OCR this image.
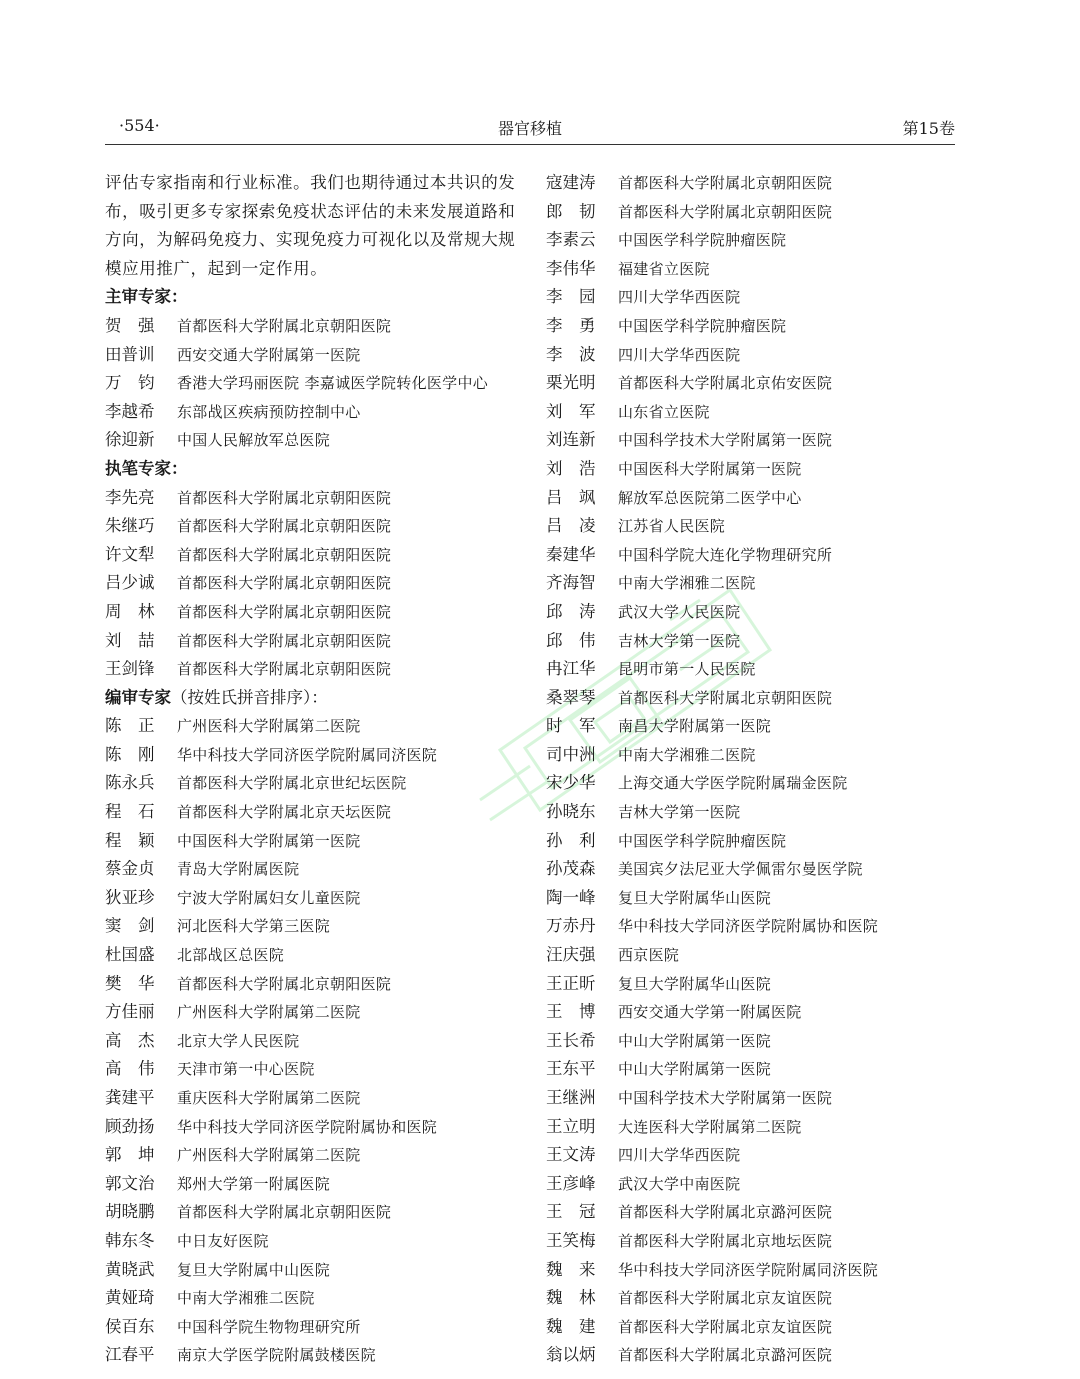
·554·	器官移植	第15卷

评估专家指南和行业标准。我们也期待通过本共识的发布，吸引更多专家探索免疫状态评估的未来发展道路和方向，为解码免疫力、实现免疫力可视化以及常规大规模应用推广，起到一定作用。

主审专家：
贺　强 首都医科大学附属北京朝阳医院
田普训 西安交通大学附属第一医院
万　钧 香港大学玛丽医院 李嘉诚医学院转化医学中心
李越希 东部战区疾病预防控制中心
徐迎新 中国人民解放军总医院
执笔专家：
李先亮 首都医科大学附属北京朝阳医院
朱继巧 首都医科大学附属北京朝阳医院
许文犁 首都医科大学附属北京朝阳医院
吕少诚 首都医科大学附属北京朝阳医院
周　林 首都医科大学附属北京朝阳医院
刘　喆 首都医科大学附属北京朝阳医院
王剑锋 首都医科大学附属北京朝阳医院
编审专家（按姓氏拼音排序）：
陈　正 广州医科大学附属第二医院
陈　刚 华中科技大学同济医学院附属同济医院
陈永兵 首都医科大学附属北京世纪坛医院
程　石 首都医科大学附属北京天坛医院
程　颖 中国医科大学附属第一医院
蔡金贞 青岛大学附属医院
狄亚珍 宁波大学附属妇女儿童医院
窦　剑 河北医科大学第三医院
杜国盛 北部战区总医院
樊　华 首都医科大学附属北京朝阳医院
方佳丽 广州医科大学附属第二医院
高　杰 北京大学人民医院
高　伟 天津市第一中心医院
龚建平 重庆医科大学附属第二医院
顾劲扬 华中科技大学同济医学院附属协和医院
郭　坤 广州医科大学附属第二医院
郭文治 郑州大学第一附属医院
胡晓鹏 首都医科大学附属北京朝阳医院
韩东冬 中日友好医院
黄晓武 复旦大学附属中山医院
黄娅琦 中南大学湘雅二医院
侯百东 中国科学院生物物理研究所
江春平 南京大学医学院附属鼓楼医院
寇建涛 首都医科大学附属北京朝阳医院
郎　韧 首都医科大学附属北京朝阳医院
李素云 中国医学科学院肿瘤医院
李伟华 福建省立医院
李　园 四川大学华西医院
李　勇 中国医学科学院肿瘤医院
李　波 四川大学华西医院
栗光明 首都医科大学附属北京佑安医院
刘　军 山东省立医院
刘连新 中国科学技术大学附属第一医院
刘　浩 中国医科大学附属第一医院
吕　飒 解放军总医院第二医学中心
吕　凌 江苏省人民医院
秦建华 中国科学院大连化学物理研究所
齐海智 中南大学湘雅二医院
邱　涛 武汉大学人民医院
邱　伟 吉林大学第一医院
冉江华 昆明市第一人民医院
桑翠琴 首都医科大学附属北京朝阳医院
时　军 南昌大学附属第一医院
司中洲 中南大学湘雅二医院
宋少华 上海交通大学医学院附属瑞金医院
孙晓东 吉林大学第一医院
孙　利 中国医学科学院肿瘤医院
孙茂森 美国宾夕法尼亚大学佩雷尔曼医学院
陶一峰 复旦大学附属华山医院
万赤丹 华中科技大学同济医学院附属协和医院
汪庆强 西京医院
王正昕 复旦大学附属华山医院
王　博 西安交通大学第一附属医院
王长希 中山大学附属第一医院
王东平 中山大学附属第一医院
王继洲 中国科学技术大学附属第一医院
王立明 大连医科大学附属第二医院
王文涛 四川大学华西医院
王彦峰 武汉大学中南医院
王　冠 首都医科大学附属北京潞河医院
王笑梅 首都医科大学附属北京地坛医院
魏　来 华中科技大学同济医学院附属同济医院
魏　林 首都医科大学附属北京友谊医院
魏　建 首都医科大学附属北京友谊医院
翁以炳 首都医科大学附属北京潞河医院
